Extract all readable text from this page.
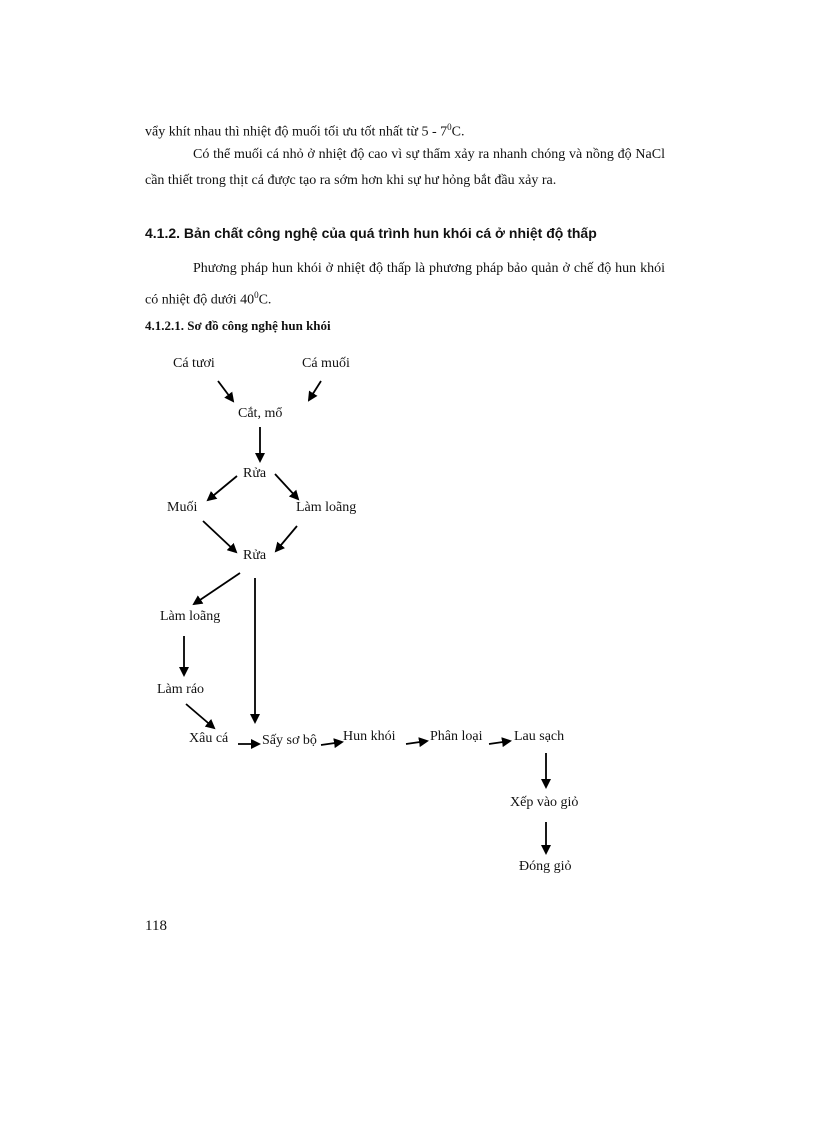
vẩy khít nhau thì nhiệt độ muối tối ưu tốt nhất từ $5 - 7^0C$.

Có thể muối cá nhỏ ở nhiệt độ cao vì sự thẩm xảy ra nhanh chóng và nồng độ NaCl cần thiết trong thịt cá được tạo ra sớm hơn khi sự hư hỏng bắt đầu xảy ra.

4.1.2. Bản chất công nghệ của quá trình hun khói cá ở nhiệt độ thấp

Phương pháp hun khói ở nhiệt độ thấp là phương pháp bảo quản ở chế độ hun khói có nhiệt độ dưới $40^0C$.

4.1.2.1. Sơ đồ công nghệ hun khói
Cá tươi	Cá muối
Cắt, mổ
Rửa
Muối	Làm loãng
Rửa
Làm loãng
Làm ráo
Xâu cá Sấy sơ bộ Hun khói Phân loại Lau sạch
Xếp vào giỏ
Đóng giỏ
118
